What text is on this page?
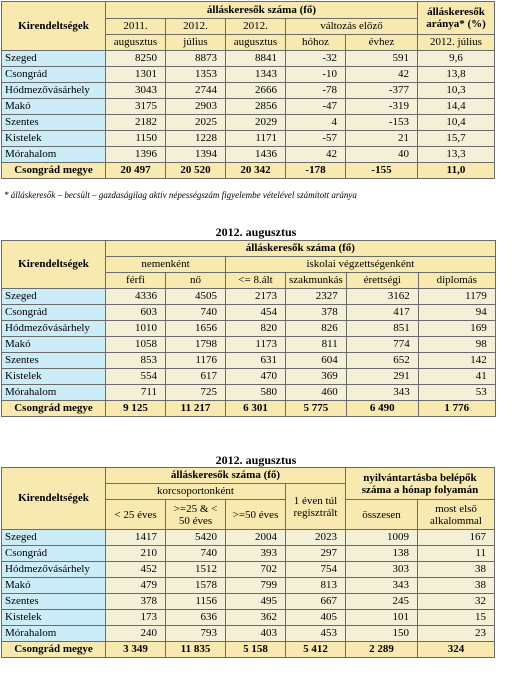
Kirendeltségek	álláskeresők száma (fő)					álláskeresők aránya* (%)
	2011.	2012.	2012.	változás előző		
	augusztus	július	augusztus	hóhoz	évhez	2012. július
Szeged	8250	8873	8841	-32	591	9,6
Csongrád	1301	1353	1343	-10	42	13,8
Hódmezővásárhely	3043	2744	2666	-78	-377	10,3
Makó	3175	2903	2856	-47	-319	14,4
Szentes	2182	2025	2029	4	-153	10,4
Kistelek	1150	1228	1171	-57	21	15,7
Mórahalom	1396	1394	1436	42	40	13,3
Csongrád megye	20 497	20 520	20 342	-178	-155	11,0
* álláskeresők – becsült – gazdaságilag aktív népességszám figyelembe vételével számított aránya
2012. augusztus
Kirendeltségek	álláskeresők száma (fő)					
	nemenként		iskolai végzettségenként			
	férfi	nő	<= 8.ált	szakmunkás	érettségi	diplomás
Szeged	4336	4505	2173	2327	3162	1179
Csongrád	603	740	454	378	417	94
Hódmezővásárhely	1010	1656	820	826	851	169
Makó	1058	1798	1173	811	774	98
Szentes	853	1176	631	604	652	142
Kistelek	554	617	470	369	291	41
Mórahalom	711	725	580	460	343	53
Csongrád megye	9 125	11 217	6 301	5 775	6 490	1 776
2012. augusztus
Kirendeltségek	álláskeresők száma (fő)				nyilvántartásba belépők száma a hónap folyamán	
	korcsoportonként			1 éven túl regisztrált		
	< 25 éves	>=25 & < 50 éves	>=50 éves		összesen	most első alkalommal
Szeged	1417	5420	2004	2023	1009	167
Csongrád	210	740	393	297	138	11
Hódmezővásárhely	452	1512	702	754	303	38
Makó	479	1578	799	813	343	38
Szentes	378	1156	495	667	245	32
Kistelek	173	636	362	405	101	15
Mórahalom	240	793	403	453	150	23
Csongrád megye	3 349	11 835	5 158	5 412	2 289	324
